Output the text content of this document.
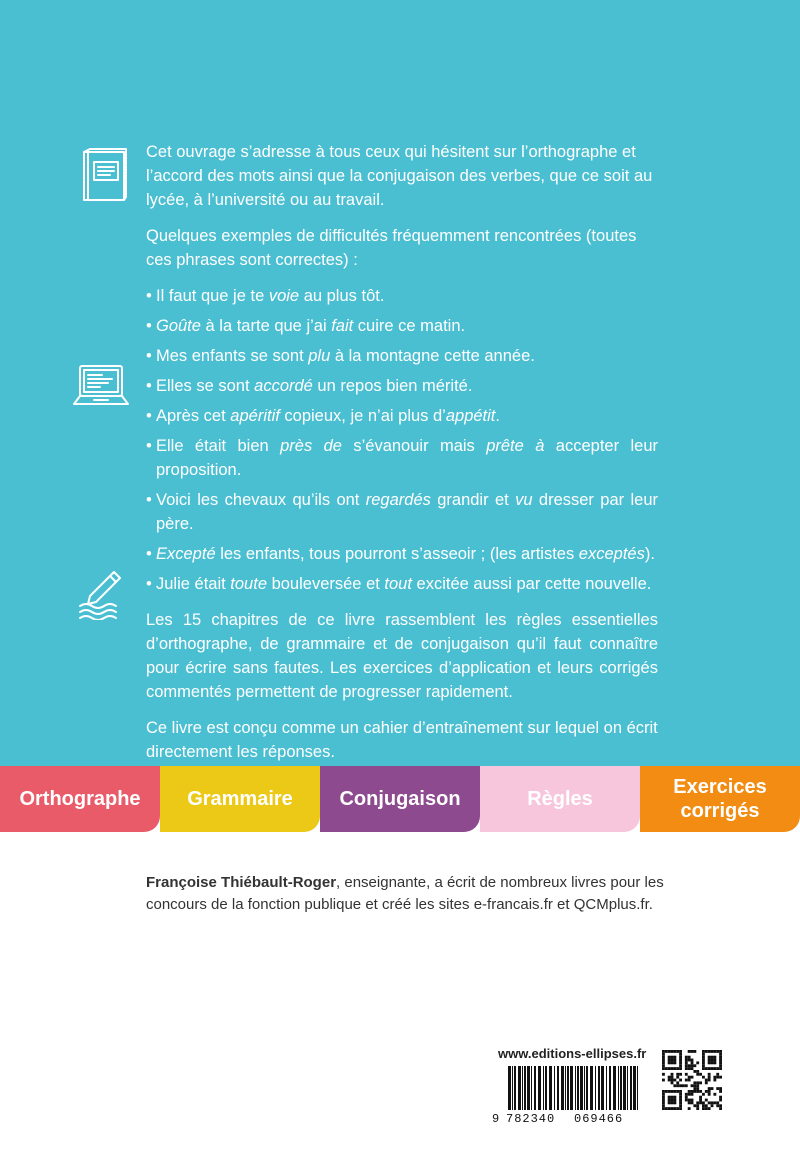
Cet ouvrage s’adresse à tous ceux qui hésitent sur l’orthographe et l’accord des mots ainsi que la conjugaison des verbes, que ce soit au lycée, à l’université ou au travail.

Quelques exemples de difficultés fréquemment rencontrées (toutes ces phrases sont correctes) :

• Il faut que je te voie au plus tôt.
• Goûte à la tarte que j’ai fait cuire ce matin.
• Mes enfants se sont plu à la montagne cette année.
• Elles se sont accordé un repos bien mérité.
• Après cet apéritif copieux, je n’ai plus d’appétit.
• Elle était bien près de s’évanouir mais prête à accepter leur proposition.
• Voici les chevaux qu’ils ont regardés grandir et vu dresser par leur père.
• Excepté les enfants, tous pourront s’asseoir ; (les artistes exceptés).
• Julie était toute bouleversée et tout excitée aussi par cette nouvelle.

Les 15 chapitres de ce livre rassemblent les règles essentielles d’orthographe, de grammaire et de conjugaison qu’il faut connaître pour écrire sans fautes. Les exercices d’application et leurs corrigés commentés permettent de progresser rapidement.

Ce livre est conçu comme un cahier d’entraînement sur lequel on écrit directement les réponses.

Orthographe Grammaire Conjugaison	Règles
Exercices corrigés
Françoise Thiébault-Roger, enseignante, a écrit de nombreux livres pour les concours de la fonction publique et créé les sites e-francais.fr et QCMplus.fr.
www.editions-ellipses.fr
9 782340 069466
